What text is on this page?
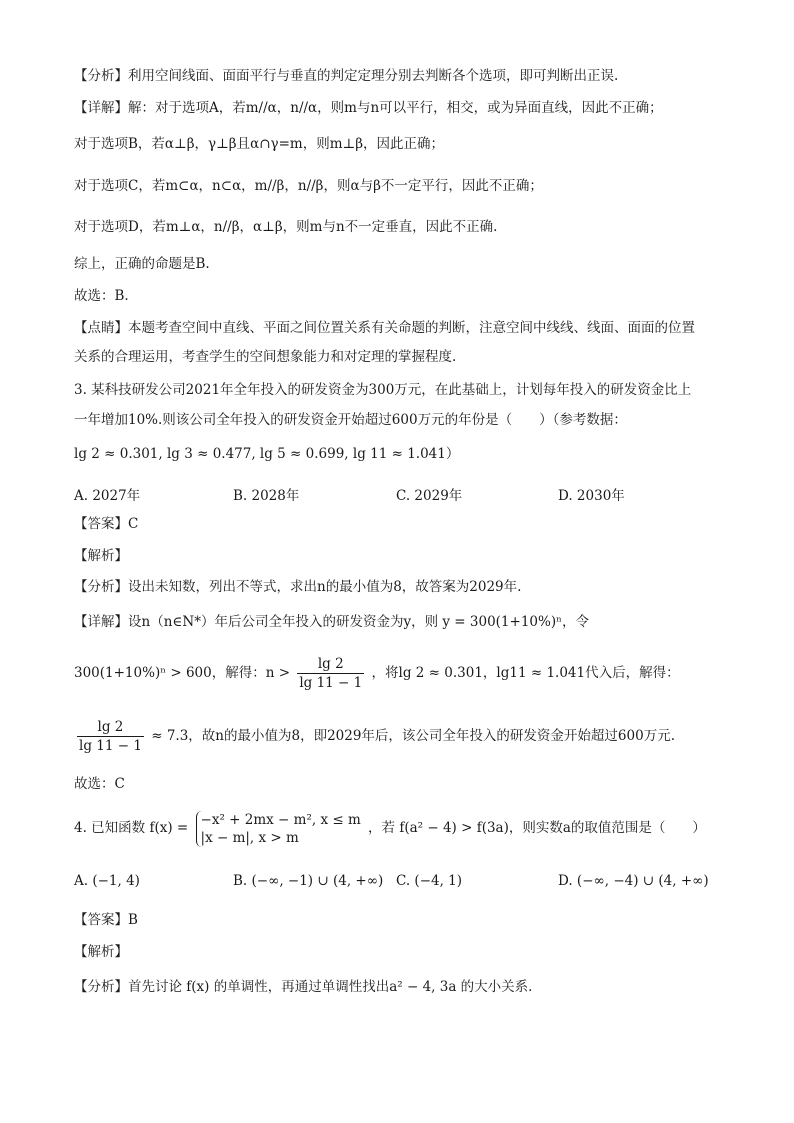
【分析】利用空间线面、面面平行与垂直的判定定理分别去判断各个选项，即可判断出正误.
【详解】解：对于选项A，若m//α，n//α，则m与n可以平行，相交，或为异面直线，因此不正确；
对于选项B，若α⊥β，γ⊥β且α∩γ=m，则m⊥β，因此正确；
对于选项C，若m⊂α，n⊂α，m//β，n//β，则α与β不一定平行，因此不正确；
对于选项D，若m⊥α，n//β，α⊥β，则m与n不一定垂直，因此不正确.
综上，正确的命题是B.
故选：B.
【点睛】本题考查空间中直线、平面之间位置关系有关命题的判断，注意空间中线线、线面、面面的位置
关系的合理运用，考查学生的空间想象能力和对定理的掌握程度.
3. 某科技研发公司2021年全年投入的研发资金为300万元，在此基础上，计划每年投入的研发资金比上
一年增加10%.则该公司全年投入的研发资金开始超过600万元的年份是（　　）（参考数据：
lg 2 ≈ 0.301, lg 3 ≈ 0.477, lg 5 ≈ 0.699, lg 11 ≈ 1.041）
A. 2027年	B. 2028年	C. 2029年	D. 2030年
【答案】C
【解析】
【分析】设出未知数，列出不等式，求出n的最小值为8，故答案为2029年.
【详解】设n（n∈N*）年后公司全年投入的研发资金为y，则 y = 300(1+10%)ⁿ，令
300(1+10%)ⁿ > 600，解得：$n > \frac{\lg 2}{\lg 11 - 1}$ ，将lg 2 ≈ 0.301，lg11 ≈ 1.041代入后，解得：
$\frac{\lg 2}{\lg 11 - 1} \approx 7.3$，故n的最小值为8，即2029年后，该公司全年投入的研发资金开始超过600万元.
故选：C
4. 已知函数 f(x) =
−x² + 2mx − m², x ≤ m
|x − m|, x > m
，若 f(a² − 4) > f(3a)，则实数a的取值范围是（　　）
A. (−1, 4)	B. (−∞, −1) ∪ (4, +∞) C. (−4, 1)	D. (−∞, −4) ∪ (4, +∞)
【答案】B
【解析】
【分析】首先讨论 f(x) 的单调性，再通过单调性找出a² − 4, 3a 的大小关系.
